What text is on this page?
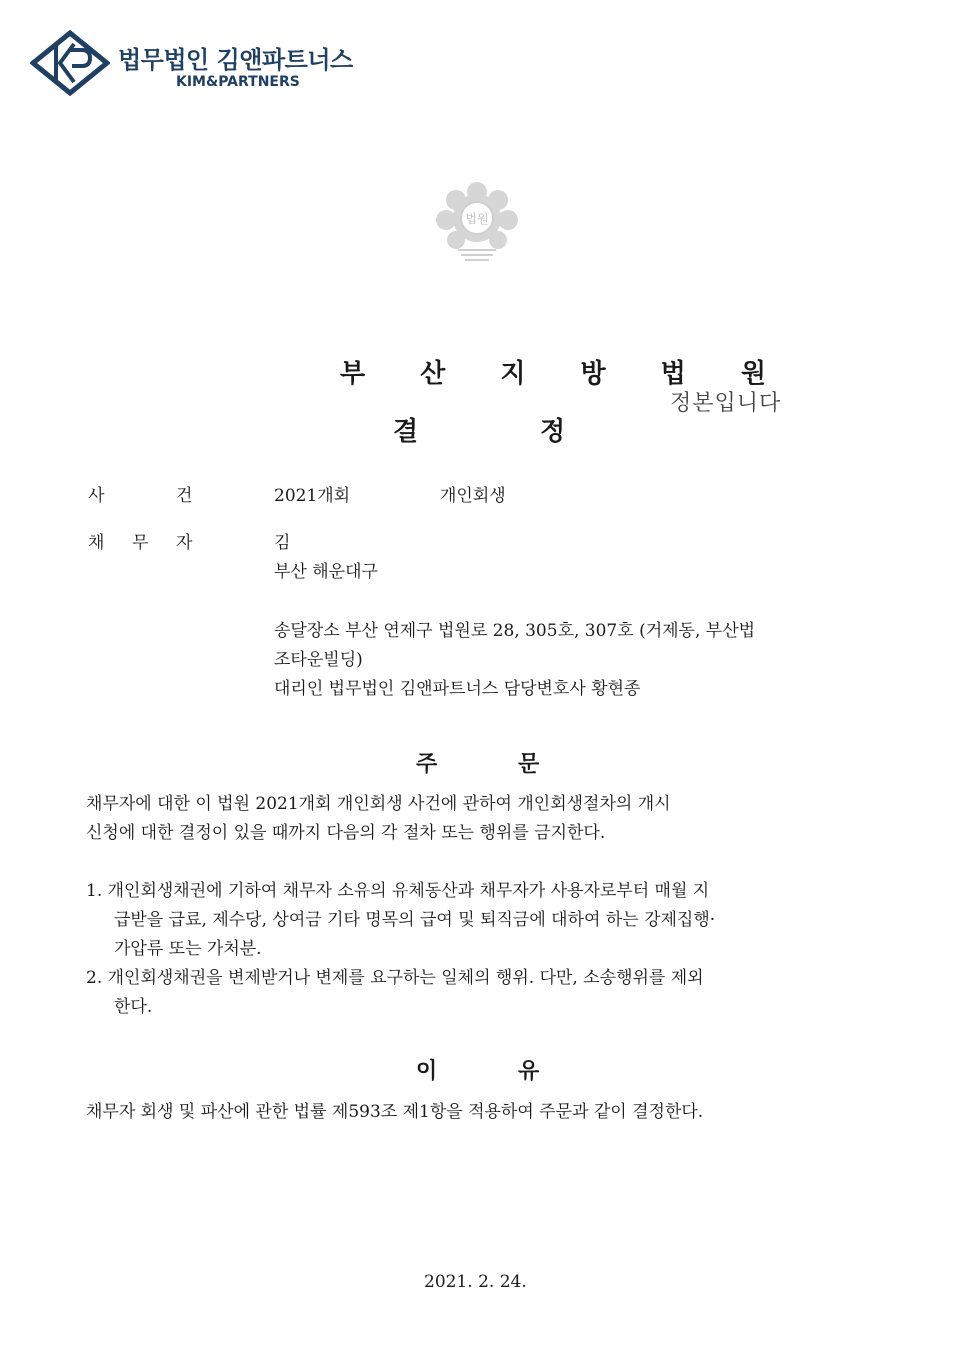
법무법인 김앤파트너스
KIM&PARTNERS
법원
부 산 지 방 법 원
결	정
정본입니다
사	건	2021개회	개인회생
채 무 자	김
부산 해운대구
송달장소 부산 연제구 법원로 28, 305호, 307호 (거제동, 부산법
조타운빌딩)
대리인 법무법인 김앤파트너스 담당변호사 황현종
주	문
채무자에 대한 이 법원 2021개회 개인회생 사건에 관하여 개인회생절차의 개시
신청에 대한 결정이 있을 때까지 다음의 각 절차 또는 행위를 금지한다.
1. 개인회생채권에 기하여 채무자 소유의 유체동산과 채무자가 사용자로부터 매월 지
급받을 급료, 제수당, 상여금 기타 명목의 급여 및 퇴직금에 대하여 하는 강제집행·
가압류 또는 가처분.
2. 개인회생채권을 변제받거나 변제를 요구하는 일체의 행위. 다만, 소송행위를 제외
한다.
이	유
채무자 회생 및 파산에 관한 법률 제593조 제1항을 적용하여 주문과 같이 결정한다.
2021. 2. 24.
